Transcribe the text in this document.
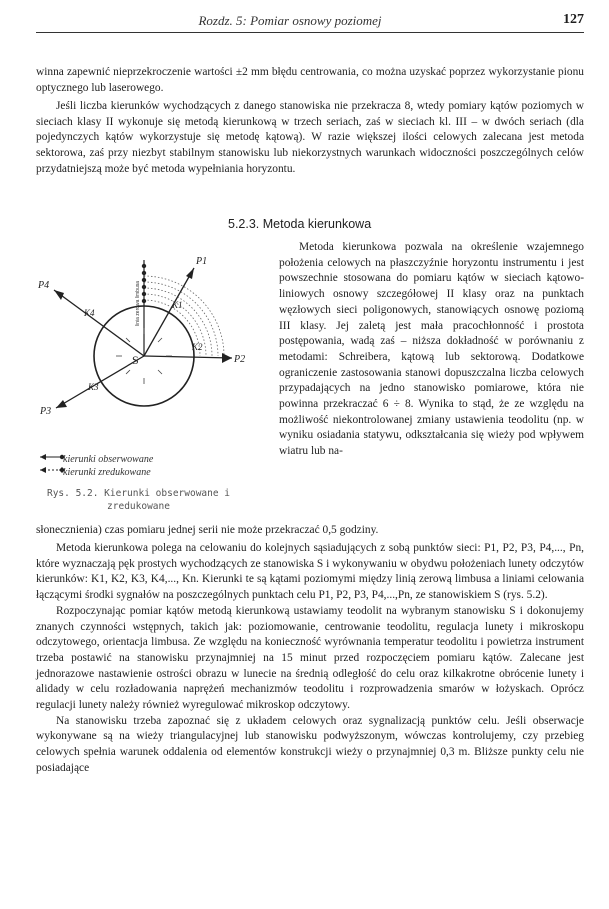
Rozdz. 5: Pomiar osnowy poziomej	127

winna zapewnić nieprzekroczenie wartości ±2 mm błędu centrowania, co można uzyskać poprzez wykorzystanie pionu optycznego lub laserowego.

Jeśli liczba kierunków wychodzących z danego stanowiska nie przekracza 8, wtedy pomiary kątów poziomych w sieciach klasy II wykonuje się metodą kierunkową w trzech seriach, zaś w sieciach kl. III – w dwóch seriach (dla pojedynczych kątów wykorzystuje się metodę kątową). W razie większej ilości celowych zalecana jest metoda sektorowa, zaś przy niezbyt stabilnym stanowisku lub niekorzystnych warunkach widoczności poszczególnych celów przydatniejszą może być metoda wypełniania horyzontu.

5.2.3. Metoda kierunkowa
P1
P2
P3
P4
K1
K2
K3
K4
S
linia zerowa limbusa
kierunki obserwowane
kierunki zredukowane
Rys. 5.2. Kierunki obserwowane i zredukowane

Metoda kierunkowa pozwala na określenie wzajemnego położenia celowych na płaszczyźnie horyzontu instrumentu i jest powszechnie stosowana do pomiaru kątów w sieciach kątowo-liniowych osnowy szczegółowej II klasy oraz na punktach węzłowych sieci poligonowych, stanowiących osnowę poziomą III klasy. Jej zaletą jest mała pracochłonność i prostota postępowania, wadą zaś – niższa dokładność w porównaniu z metodami: Schreibera, kątową lub sektorową. Dodatkowe ograniczenie zastosowania stanowi dopuszczalna liczba celowych przypadających na jedno stanowisko pomiarowe, która nie powinna przekraczać 6 ÷ 8. Wynika to stąd, że ze względu na możliwość niekontrolowanej zmiany ustawienia teodolitu (np. w wyniku osiadania statywu, odkształcania się wieży pod wpływem wiatru lub na-

słonecznienia) czas pomiaru jednej serii nie może przekraczać 0,5 godziny.

Metoda kierunkowa polega na celowaniu do kolejnych sąsiadujących z sobą punktów sieci: P1, P2, P3, P4,..., Pn, które wyznaczają pęk prostych wychodzących ze stanowiska S i wykonywaniu w obydwu położeniach lunety odczytów kierunków: K1, K2, K3, K4,..., Kn. Kierunki te są kątami poziomymi między linią zerową limbusa a liniami celowania łączącymi środki sygnałów na poszczególnych punktach celu P1, P2, P3, P4,...,Pn, ze stanowiskiem S (rys. 5.2).

Rozpoczynając pomiar kątów metodą kierunkową ustawiamy teodolit na wybranym stanowisku S i dokonujemy znanych czynności wstępnych, takich jak: poziomowanie, centrowanie teodolitu, regulacja lunety i mikroskopu odczytowego, orientacja limbusa. Ze względu na konieczność wyrównania temperatur teodolitu i powietrza instrument trzeba postawić na stanowisku przynajmniej na 15 minut przed rozpoczęciem pomiaru kątów. Zalecane jest jednorazowe nastawienie ostrości obrazu w lunecie na średnią odległość do celu oraz kilkakrotne obrócenie lunety i alidady w celu rozładowania naprężeń mechanizmów teodolitu i rozprowadzenia smarów w łożyskach. Oprócz regulacji lunety należy również wyregulować mikroskop odczytowy.

Na stanowisku trzeba zapoznać się z układem celowych oraz sygnalizacją punktów celu. Jeśli obserwacje wykonywane są na wieży triangulacyjnej lub stanowisku podwyższonym, wówczas kontrolujemy, czy przebieg celowych spełnia warunek oddalenia od elementów konstrukcji wieży o przynajmniej 0,3 m. Bliższe punkty celu nie posiadające
